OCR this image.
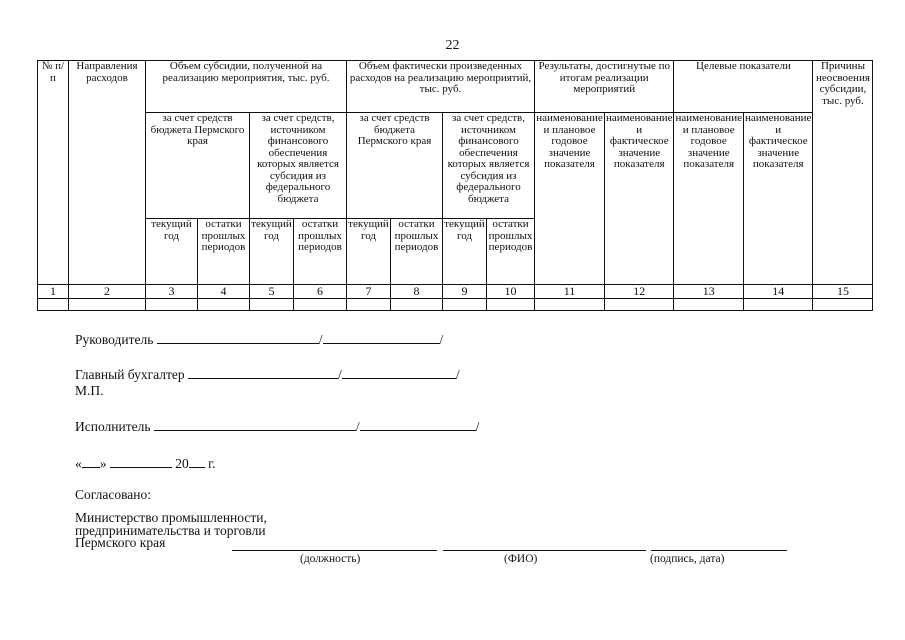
22
№ п/п	Направления расходов	Объем субсидии, полученной на реализацию мероприятия, тыс. руб.				Объем фактически произведенных расходов на реализацию мероприятий, тыс. руб.				Результаты, достигнутые по итогам реализации мероприятий		Целевые показатели		Причины неосвоения субсидии, тыс. руб.
		за счет средств бюджета Пермского края		за счет средств, источником финансового обеспечения которых является субсидия из федерального бюджета		за счет средств бюджета Пермского края		за счет средств, источником финансового обеспечения которых является субсидия из федерального бюджета		наименование и плановое годовое значение показателя	наименование и фактическое значение показателя	наименование и плановое годовое значение показателя	наименование и фактическое значение показателя	
		текущий год	остатки прошлых периодов	текущий год	остатки прошлых периодов	текущий год	остатки прошлых периодов	текущий год	остатки прошлых периодов					
1	2	3	4	5	6	7	8	9	10	11	12	13	14	15

Руководитель	/	/
Главный бухгалтер	/	/
М.П.
Исполнитель	/	/
« »	20 г.
Согласовано:
Министерство промышленности, предпринимательства и торговли Пермского края
(должность)	(ФИО)	(подпись, дата)
